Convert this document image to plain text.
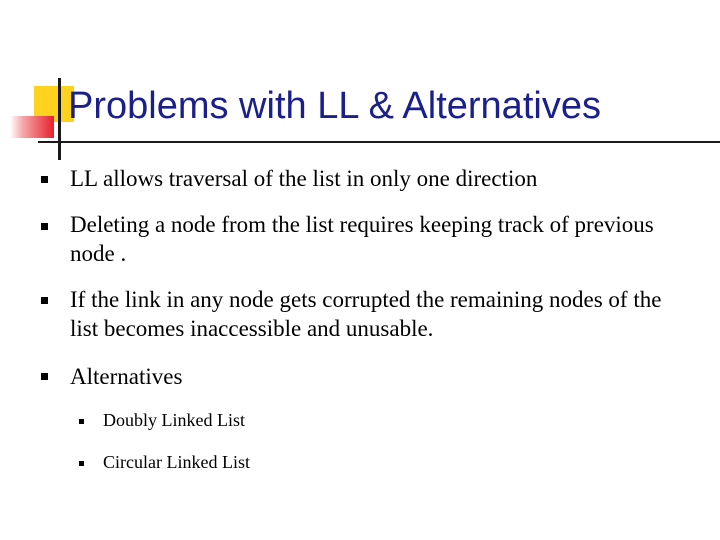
Problems with LL & Alternatives
LL allows traversal of the list in only one direction
Deleting a node from the list requires keeping track of previous
node .
If the link in any node gets corrupted the remaining nodes of the
list becomes inaccessible and unusable.
Alternatives
Doubly Linked List
Circular Linked List
